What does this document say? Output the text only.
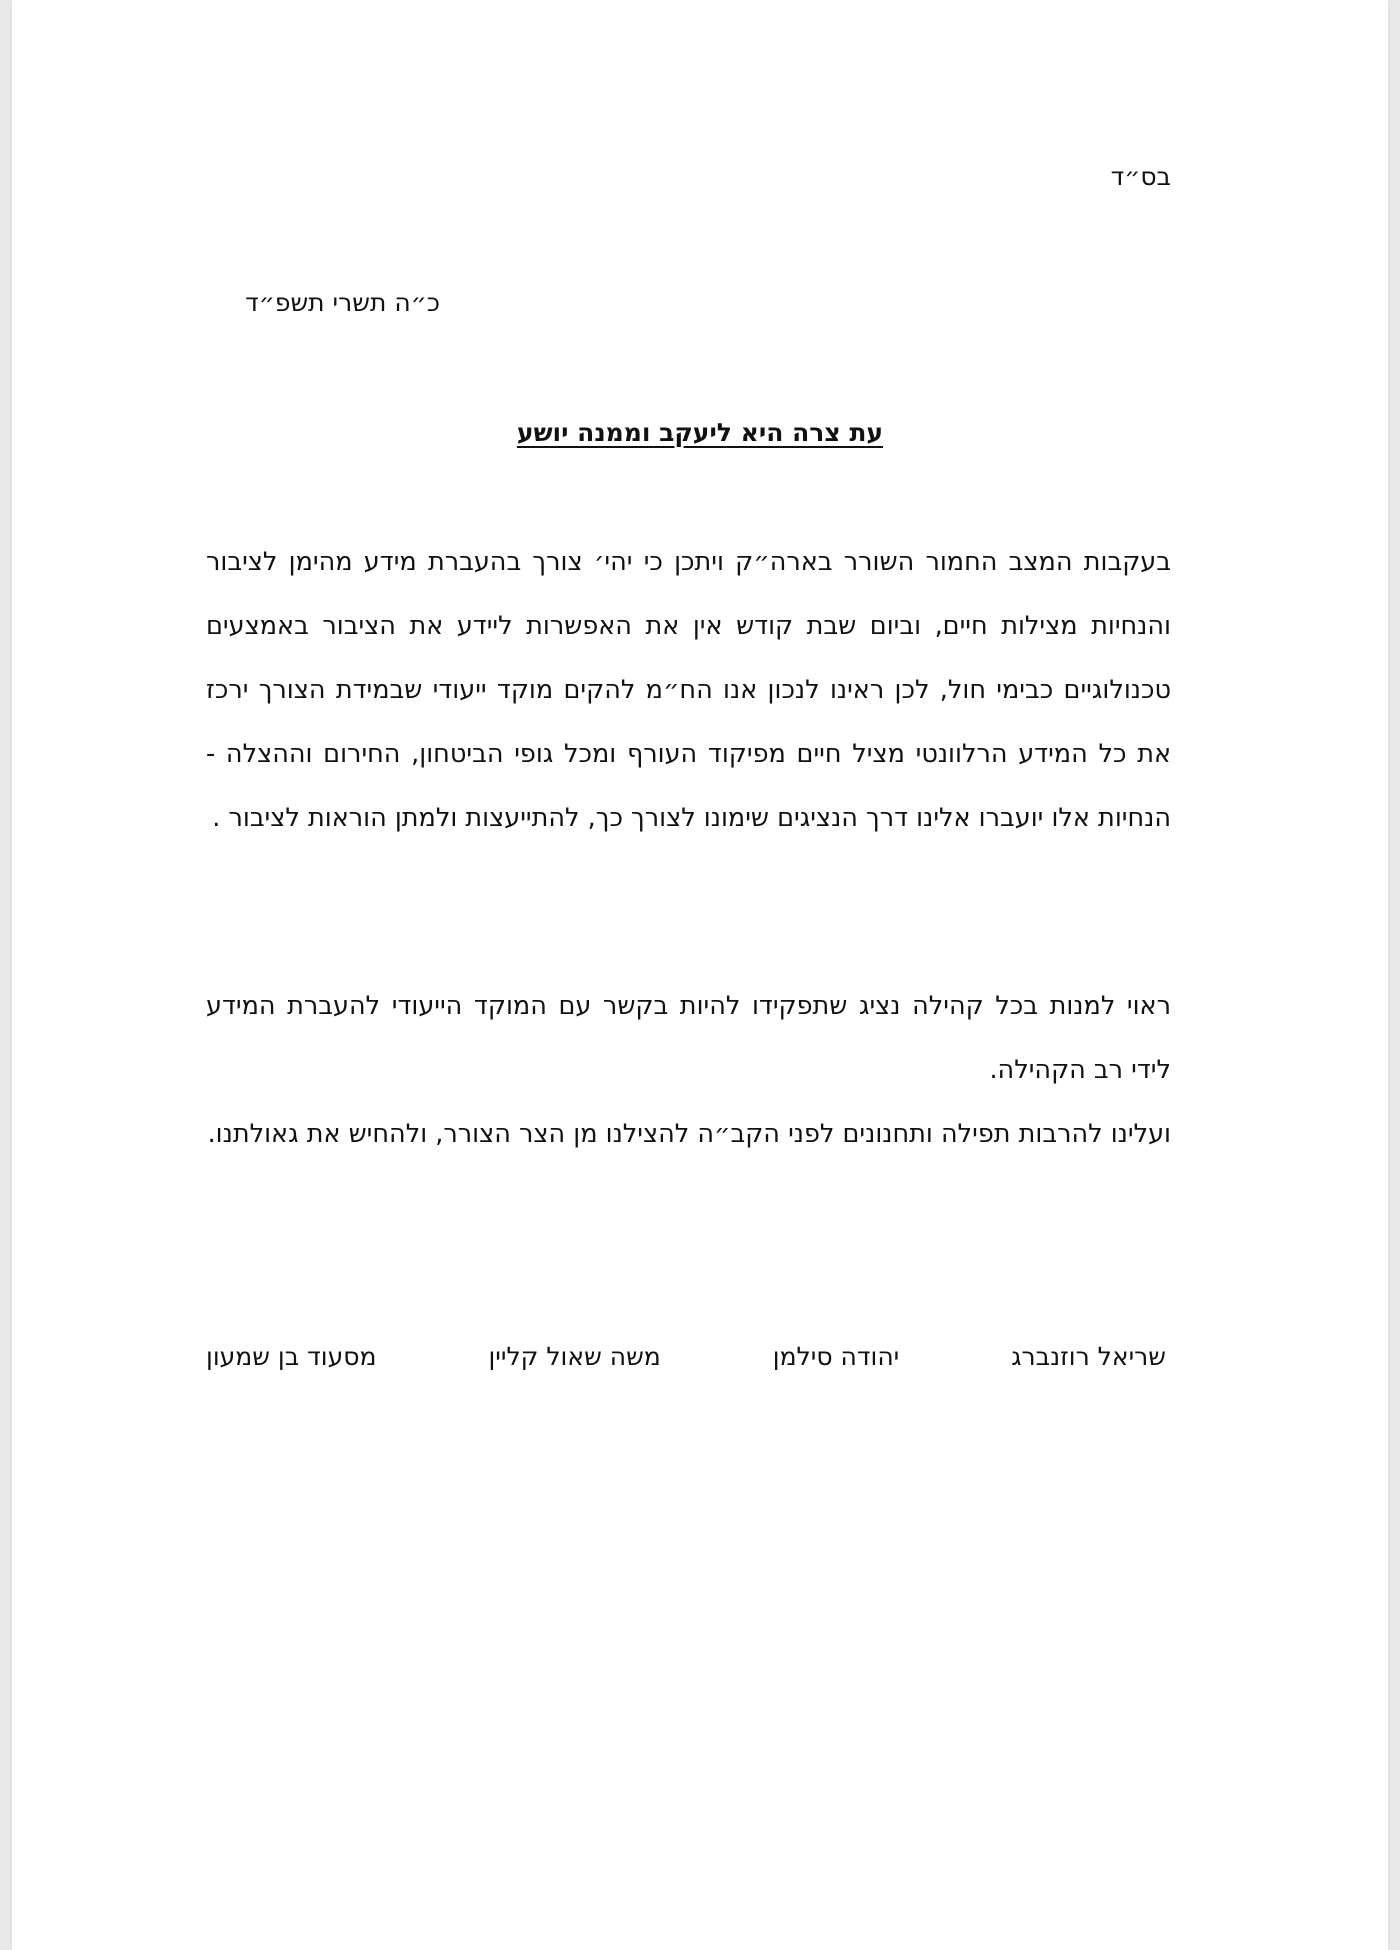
בס״ד

כ״ה תשרי תשפ״ד

עת צרה היא ליעקב וממנה יושע

בעקבות המצב החמור השורר בארה״ק ויתכן כי יהי׳ צורך בהעברת מידע מהימן לציבור והנחיות מצילות חיים, וביום שבת קודש אין את האפשרות ליידע את הציבור באמצעים טכנולוגיים כבימי חול, לכן ראינו לנכון אנו הח״מ להקים מוקד ייעודי שבמידת הצורך ירכז את כל המידע הרלוונטי מציל חיים מפיקוד העורף ומכל גופי הביטחון, החירום וההצלה - הנחיות אלו יועברו אלינו דרך הנציגים שימונו לצורך כך, להתייעצות ולמתן הוראות לציבור .

ראוי למנות בכל קהילה נציג שתפקידו להיות בקשר עם המוקד הייעודי להעברת המידע לידי רב הקהילה.

ועלינו להרבות תפילה ותחנונים לפני הקב״ה להצילנו מן הצר הצורר, ולהחיש את גאולתנו.

שריאל רוזנברג
יהודה סילמן
משה שאול קליין
מסעוד בן שמעון
